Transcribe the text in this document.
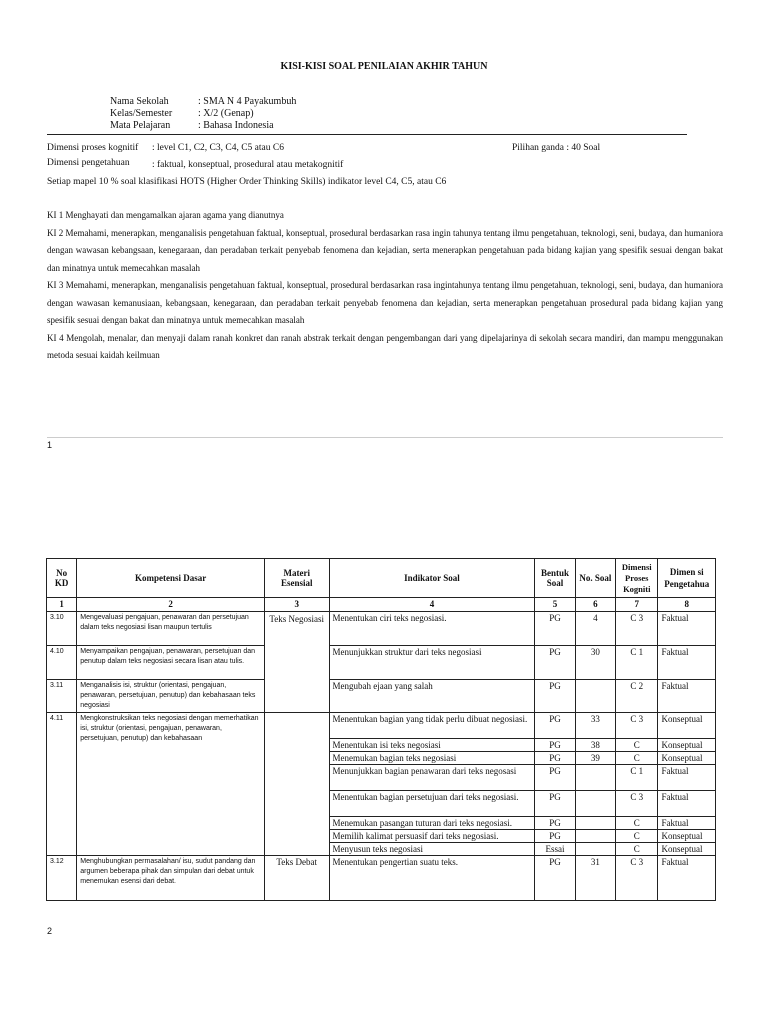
KISI-KISI SOAL PENILAIAN AKHIR TAHUN
Nama Sekolah	: SMA N 4 Payakumbuh
Kelas/Semester	: X/2 (Genap)
Mata Pelajaran	: Bahasa Indonesia
Dimensi proses kognitif : level C1, C2, C3, C4, C5 atau C6	Pilihan ganda : 40 Soal
Dimensi pengetahuan : faktual, konseptual, prosedural atau metakognitif
Setiap mapel 10 % soal klasifikasi HOTS (Higher Order Thinking Skills) indikator level C4, C5, atau C6
KI 1 Menghayati dan mengamalkan ajaran agama yang dianutnya
KI 2 Memahami, menerapkan, menganalisis pengetahuan faktual, konseptual, prosedural berdasarkan rasa ingin tahunya tentang ilmu pengetahuan, teknologi, seni, budaya, dan humaniora dengan wawasan kebangsaan, kenegaraan, dan peradaban terkait penyebab fenomena dan kejadian, serta menerapkan pengetahuan pada bidang kajian yang spesifik sesuai dengan bakat dan minatnya untuk memecahkan masalah
KI 3 Memahami, menerapkan, menganalisis pengetahuan faktual, konseptual, prosedural berdasarkan rasa ingintahunya tentang ilmu pengetahuan, teknologi, seni, budaya, dan humaniora dengan wawasan kemanusiaan, kebangsaan, kenegaraan, dan peradaban terkait penyebab fenomena dan kejadian, serta menerapkan pengetahuan prosedural pada bidang kajian yang spesifik sesuai dengan bakat dan minatnya untuk memecahkan masalah
KI 4 Mengolah, menalar, dan menyaji dalam ranah konkret dan ranah abstrak terkait dengan pengembangan dari yang dipelajarinya di sekolah secara mandiri, dan mampu menggunakan metoda sesuai kaidah keilmuan
1
No KD	Kompetensi Dasar	Materi Esensial	Indikator Soal	Bentuk Soal	No. Soal	Dimensi Proses Kogniti	Dimen si Pengetahua
1	2	3	4	5	6	7	8
3.10	Mengevaluasi pengajuan, penawaran dan persetujuan dalam teks negosiasi lisan maupun tertulis	Teks Negosiasi	Menentukan ciri teks negosiasi.	PG	4	C 3	Faktual
4.10	Menyampaikan pengajuan, penawaran, persetujuan dan penutup dalam teks negosiasi secara lisan atau tulis.		Menunjukkan struktur dari teks negosiasi	PG	30	C 1	Faktual
3.11	Menganalisis isi, struktur (orientasi, pengajuan, penawaran, persetujuan, penutup) dan kebahasaan teks negosiasi		Mengubah ejaan yang salah	PG		C 2	Faktual
4.11	Mengkonstruksikan teks negosiasi dengan memerhatikan isi, struktur (orientasi, pengajuan, penawaran, persetujuan, penutup) dan kebahasaan		Menentukan bagian yang tidak perlu dibuat negosiasi.	PG	33	C 3	Konseptual
			Menentukan isi teks negosiasi	PG	38	C	Konseptual
			Menemukan bagian teks negosiasi	PG	39	C	Konseptual
			Menunjukkan bagian penawaran dari teks negosasi	PG		C 1	Faktual
			Menentukan bagian persetujuan dari teks negosiasi.	PG		C 3	Faktual
			Menemukan pasangan tuturan dari teks negosiasi.	PG		C	Faktual
			Memilih kalimat persuasif dari teks negosiasi.	PG		C	Konseptual
			Menyusun teks negosiasi	Essai		C	Konseptual
3.12	Menghubungkan permasalahan/ isu, sudut pandang dan argumen beberapa pihak dan simpulan dari debat untuk menemukan esensi dari debat.	Teks Debat	Menentukan pengertian suatu teks.	PG	31	C 3	Faktual
2
